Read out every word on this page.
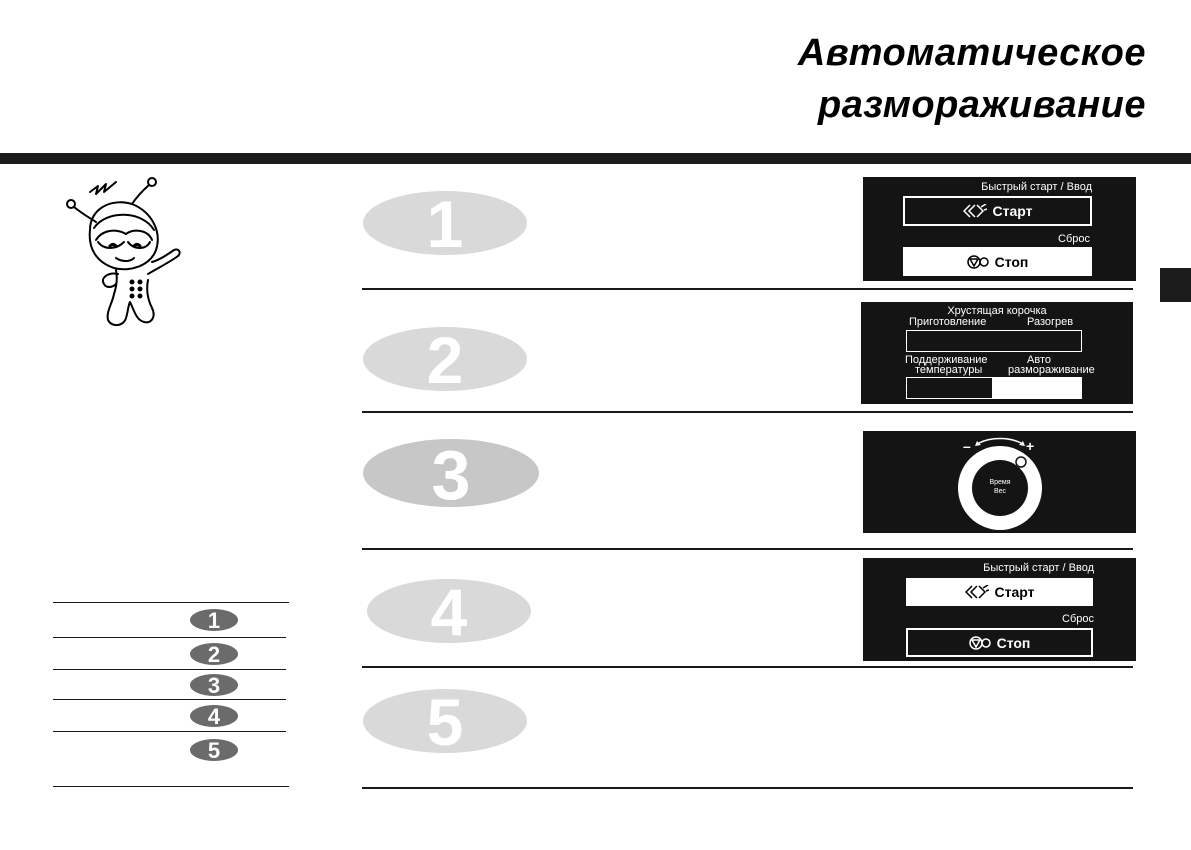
Автоматическое
размораживание
1
2
3
4
5
Быстрый старт / Ввод
Старт
Сброс
Стоп
Хрустящая корочка
Приготовление	Разогрев
Поддерживание
температуры
Авто
размораживание
–	+
Время
Вес
Быстрый старт / Ввод
Старт
Сброс
Стоп
1
2
3
4
5
